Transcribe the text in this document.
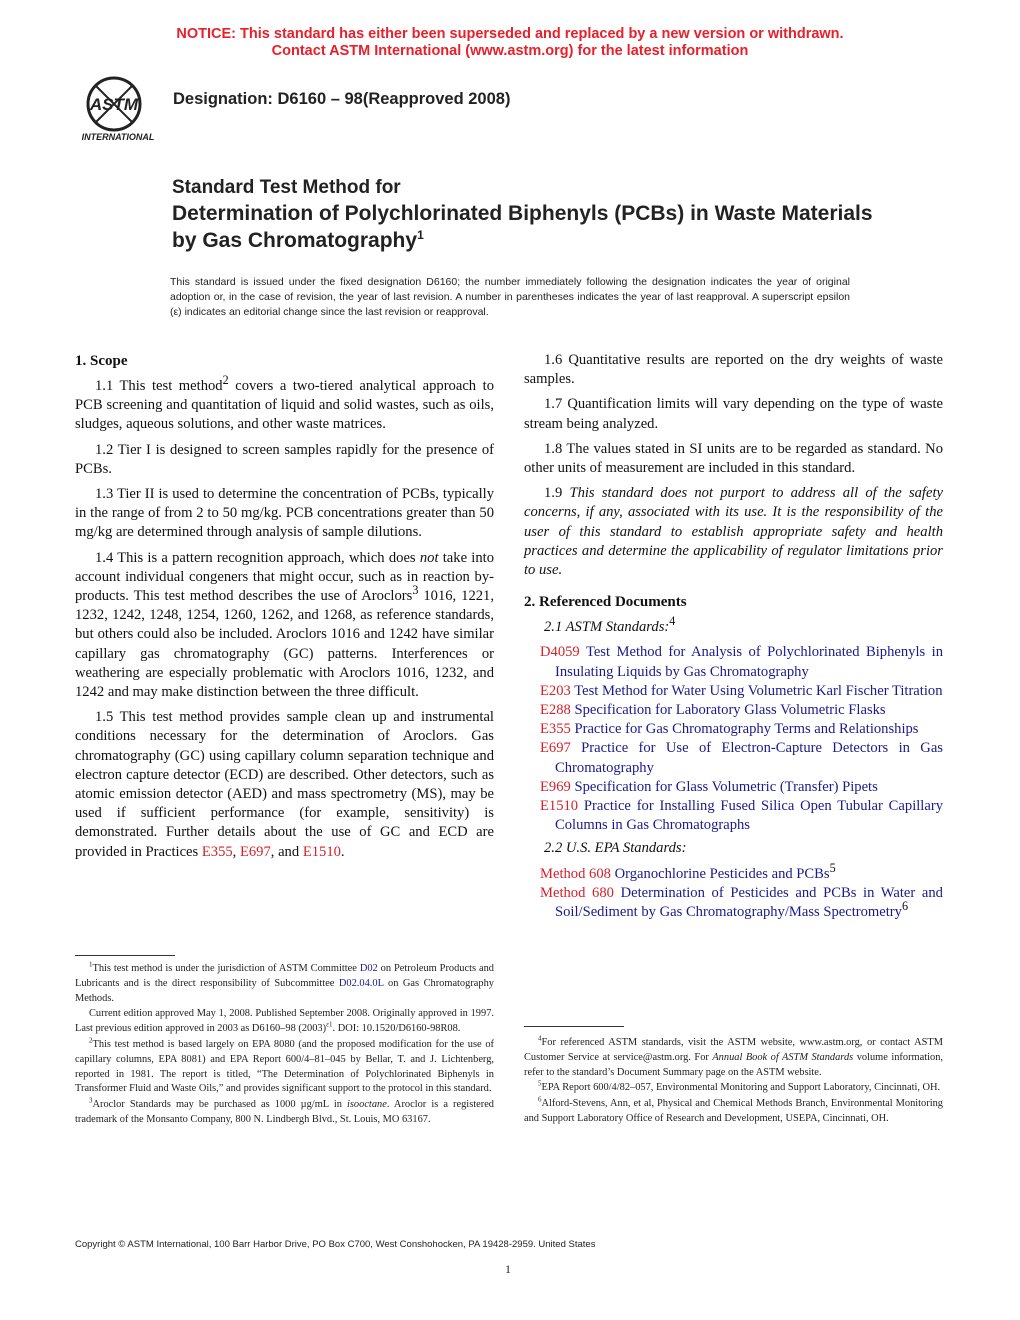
NOTICE: This standard has either been superseded and replaced by a new version or withdrawn.
Contact ASTM International (www.astm.org) for the latest information
ASTM
INTERNATIONAL
Designation: D6160 – 98(Reapproved 2008)
Standard Test Method for
Determination of Polychlorinated Biphenyls (PCBs) in Waste Materials by Gas Chromatography$^1$
This standard is issued under the fixed designation D6160; the number immediately following the designation indicates the year of original adoption or, in the case of revision, the year of last revision. A number in parentheses indicates the year of last reapproval. A superscript epsilon (ε) indicates an editorial change since the last revision or reapproval.
1. Scope

1.1 This test method$^2$ covers a two-tiered analytical approach to PCB screening and quantitation of liquid and solid wastes, such as oils, sludges, aqueous solutions, and other waste matrices.

1.2 Tier I is designed to screen samples rapidly for the presence of PCBs.

1.3 Tier II is used to determine the concentration of PCBs, typically in the range of from 2 to 50 mg/kg. PCB concentrations greater than 50 mg/kg are determined through analysis of sample dilutions.

1.4 This is a pattern recognition approach, which does not take into account individual congeners that might occur, such as in reaction by-products. This test method describes the use of Aroclors$^3$ 1016, 1221, 1232, 1242, 1248, 1254, 1260, 1262, and 1268, as reference standards, but others could also be included. Aroclors 1016 and 1242 have similar capillary gas chromatography (GC) patterns. Interferences or weathering are especially problematic with Aroclors 1016, 1232, and 1242 and may make distinction between the three difficult.

1.5 This test method provides sample clean up and instrumental conditions necessary for the determination of Aroclors. Gas chromatography (GC) using capillary column separation technique and electron capture detector (ECD) are described. Other detectors, such as atomic emission detector (AED) and mass spectrometry (MS), may be used if sufficient performance (for example, sensitivity) is demonstrated. Further details about the use of GC and ECD are provided in Practices E355, E697, and E1510.

$^1$This test method is under the jurisdiction of ASTM Committee D02 on Petroleum Products and Lubricants and is the direct responsibility of Subcommittee D02.04.0L on Gas Chromatography Methods.

Current edition approved May 1, 2008. Published September 2008. Originally approved in 1997. Last previous edition approved in 2003 as D6160–98 $(2003)^{\varepsilon 1}$. DOI: 10.1520/D6160-98R08.

$^2$This test method is based largely on EPA 8080 (and the proposed modification for the use of capillary columns, EPA 8081) and EPA Report 600/4–81–045 by Bellar, T. and J. Lichtenberg, reported in 1981. The report is titled, “The Determination of Polychlorinated Biphenyls in Transformer Fluid and Waste Oils,” and provides significant support to the protocol in this standard.

$^3$Aroclor Standards may be purchased as 1000 µg/mL in isooctane. Aroclor is a registered trademark of the Monsanto Company, 800 N. Lindbergh Blvd., St. Louis, MO 63167.

1.6 Quantitative results are reported on the dry weights of waste samples.

1.7 Quantification limits will vary depending on the type of waste stream being analyzed.

1.8 The values stated in SI units are to be regarded as standard. No other units of measurement are included in this standard.

1.9 This standard does not purport to address all of the safety concerns, if any, associated with its use. It is the responsibility of the user of this standard to establish appropriate safety and health practices and determine the applicability of regulator limitations prior to use.

2. Referenced Documents

2.1 ASTM Standards:$^4$

D4059 Test Method for Analysis of Polychlorinated Biphenyls in Insulating Liquids by Gas Chromatography
E203 Test Method for Water Using Volumetric Karl Fischer Titration
E288 Specification for Laboratory Glass Volumetric Flasks
E355 Practice for Gas Chromatography Terms and Relationships
E697 Practice for Use of Electron-Capture Detectors in Gas Chromatography
E969 Specification for Glass Volumetric (Transfer) Pipets
E1510 Practice for Installing Fused Silica Open Tubular Capillary Columns in Gas Chromatographs

2.2 U.S. EPA Standards:

Method 608 Organochlorine Pesticides and PCBs$^5$
Method 680 Determination of Pesticides and PCBs in Water and Soil/Sediment by Gas Chromatography/Mass Spectrometry$^6$

$^4$For referenced ASTM standards, visit the ASTM website, www.astm.org, or contact ASTM Customer Service at service@astm.org. For Annual Book of ASTM Standards volume information, refer to the standard’s Document Summary page on the ASTM website.

$^5$EPA Report 600/4/82–057, Environmental Monitoring and Support Laboratory, Cincinnati, OH.

$^6$Alford-Stevens, Ann, et al, Physical and Chemical Methods Branch, Environmental Monitoring and Support Laboratory Office of Research and Development, USEPA, Cincinnati, OH.

Copyright © ASTM International, 100 Barr Harbor Drive, PO Box C700, West Conshohocken, PA 19428-2959. United States
1
